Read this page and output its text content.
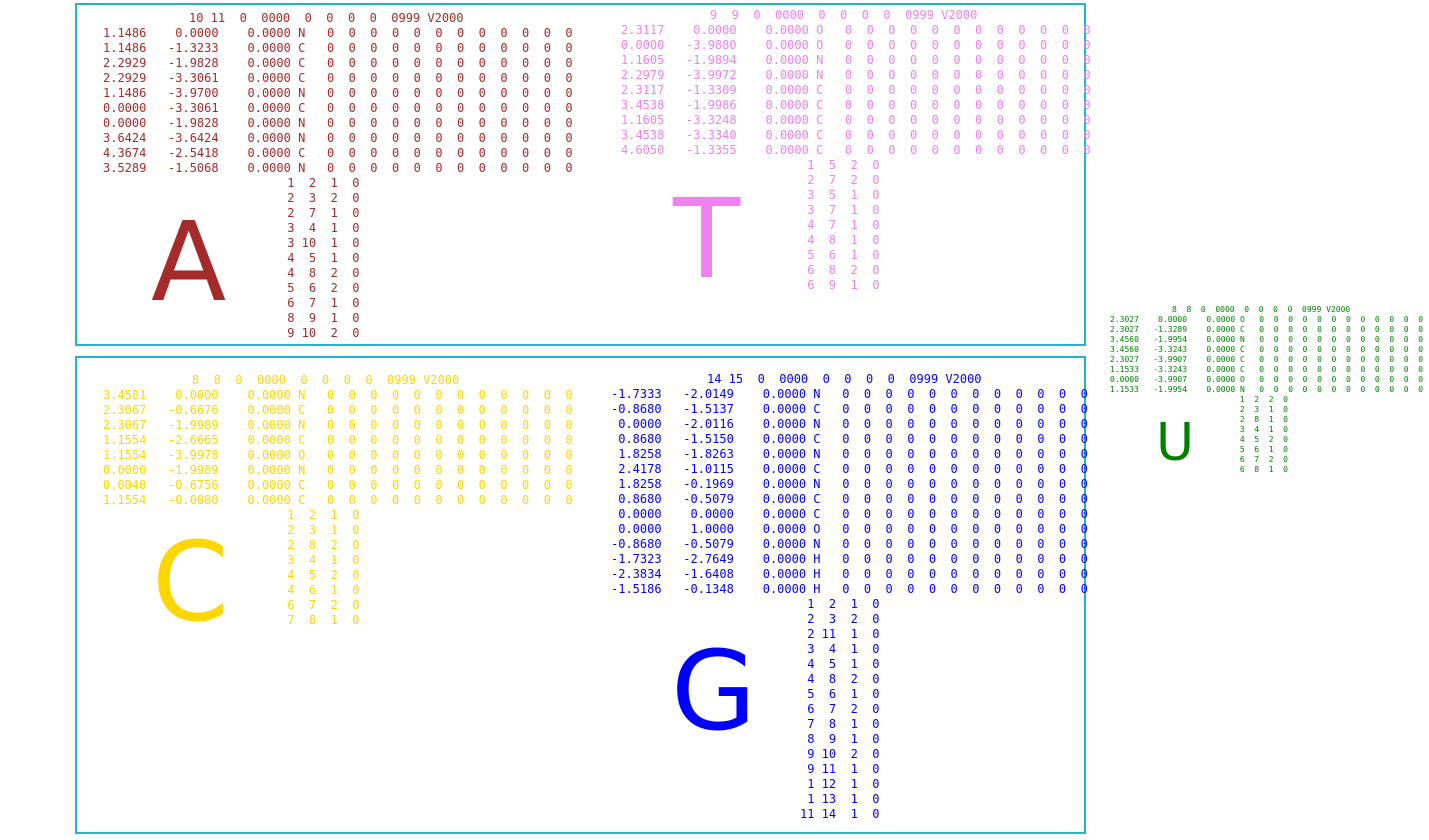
10 11  0  0000  0  0  0  0  0999 V2000
1.1486    0.0000    0.0000 N   0  0  0  0  0  0  0  0  0  0  0  0
1.1486   -1.3233    0.0000 C   0  0  0  0  0  0  0  0  0  0  0  0
2.2929   -1.9828    0.0000 C   0  0  0  0  0  0  0  0  0  0  0  0
2.2929   -3.3061    0.0000 C   0  0  0  0  0  0  0  0  0  0  0  0
1.1486   -3.9700    0.0000 N   0  0  0  0  0  0  0  0  0  0  0  0
0.0000   -3.3061    0.0000 C   0  0  0  0  0  0  0  0  0  0  0  0
0.0000   -1.9828    0.0000 N   0  0  0  0  0  0  0  0  0  0  0  0
3.6424   -3.6424    0.0000 N   0  0  0  0  0  0  0  0  0  0  0  0
4.3674   -2.5418    0.0000 C   0  0  0  0  0  0  0  0  0  0  0  0
3.5289   -1.5068    0.0000 N   0  0  0  0  0  0  0  0  0  0  0  0
1  2  1  0
2  3  2  0
2  7  1  0
3  4  1  0
3 10  1  0
4  5  1  0
4  8  2  0
5  6  2  0
6  7  1  0
8  9  1  0
9 10  2  0
A
9  9  0  0000  0  0  0  0  0999 V2000
2.3117    0.0000    0.0000 O   0  0  0  0  0  0  0  0  0  0  0  0
0.0000   -3.9880    0.0000 O   0  0  0  0  0  0  0  0  0  0  0  0
1.1605   -1.9894    0.0000 N   0  0  0  0  0  0  0  0  0  0  0  0
2.2979   -3.9972    0.0000 N   0  0  0  0  0  0  0  0  0  0  0  0
2.3117   -1.3309    0.0000 C   0  0  0  0  0  0  0  0  0  0  0  0
3.4538   -1.9986    0.0000 C   0  0  0  0  0  0  0  0  0  0  0  0
1.1605   -3.3248    0.0000 C   0  0  0  0  0  0  0  0  0  0  0  0
3.4538   -3.3340    0.0000 C   0  0  0  0  0  0  0  0  0  0  0  0
4.6050   -1.3355    0.0000 C   0  0  0  0  0  0  0  0  0  0  0  0
1  5  2  0
2  7  2  0
3  5  1  0
3  7  1  0
4  7  1  0
4  8  1  0
5  6  1  0
6  8  2  0
6  9  1  0
T
8  8  0  0000  0  0  0  0  0999 V2000
3.4581    0.0000    0.0000 N   0  0  0  0  0  0  0  0  0  0  0  0
2.3067   -0.6676    0.0000 C   0  0  0  0  0  0  0  0  0  0  0  0
2.3067   -1.9989    0.0000 N   0  0  0  0  0  0  0  0  0  0  0  0
1.1554   -2.6665    0.0000 C   0  0  0  0  0  0  0  0  0  0  0  0
1.1554   -3.9978    0.0000 O   0  0  0  0  0  0  0  0  0  0  0  0
0.0000   -1.9989    0.0000 N   0  0  0  0  0  0  0  0  0  0  0  0
0.0040   -0.6756    0.0000 C   0  0  0  0  0  0  0  0  0  0  0  0
1.1554   -0.0080    0.0000 C   0  0  0  0  0  0  0  0  0  0  0  0
1  2  1  0
2  3  1  0
2  8  2  0
3  4  1  0
4  5  2  0
4  6  1  0
6  7  2  0
7  8  1  0
C
14 15  0  0000  0  0  0  0  0999 V2000
-1.7333   -2.0149    0.0000 N   0  0  0  0  0  0  0  0  0  0  0  0
-0.8680   -1.5137    0.0000 C   0  0  0  0  0  0  0  0  0  0  0  0
0.0000   -2.0116    0.0000 N   0  0  0  0  0  0  0  0  0  0  0  0
0.8680   -1.5150    0.0000 C   0  0  0  0  0  0  0  0  0  0  0  0
1.8258   -1.8263    0.0000 N   0  0  0  0  0  0  0  0  0  0  0  0
2.4178   -1.0115    0.0000 C   0  0  0  0  0  0  0  0  0  0  0  0
1.8258   -0.1969    0.0000 N   0  0  0  0  0  0  0  0  0  0  0  0
0.8680   -0.5079    0.0000 C   0  0  0  0  0  0  0  0  0  0  0  0
0.0000    0.0000    0.0000 C   0  0  0  0  0  0  0  0  0  0  0  0
0.0000    1.0000    0.0000 O   0  0  0  0  0  0  0  0  0  0  0  0
-0.8680   -0.5079    0.0000 N   0  0  0  0  0  0  0  0  0  0  0  0
-1.7323   -2.7649    0.0000 H   0  0  0  0  0  0  0  0  0  0  0  0
-2.3834   -1.6408    0.0000 H   0  0  0  0  0  0  0  0  0  0  0  0
-1.5186   -0.1348    0.0000 H   0  0  0  0  0  0  0  0  0  0  0  0
1  2  1  0
2  3  2  0
2 11  1  0
3  4  1  0
4  5  1  0
4  8  2  0
5  6  1  0
6  7  2  0
7  8  1  0
8  9  1  0
9 10  2  0
9 11  1  0
1 12  1  0
1 13  1  0
11 14  1  0
G
8  8  0  0000  0  0  0  0  0999 V2000
2.3027    0.0000    0.0000 O   0  0  0  0  0  0  0  0  0  0  0  0
2.3027   -1.3289    0.0000 C   0  0  0  0  0  0  0  0  0  0  0  0
3.4560   -1.9954    0.0000 N   0  0  0  0  0  0  0  0  0  0  0  0
3.4560   -3.3243    0.0000 C   0  0  0  0  0  0  0  0  0  0  0  0
2.3027   -3.9907    0.0000 C   0  0  0  0  0  0  0  0  0  0  0  0
1.1533   -3.3243    0.0000 C   0  0  0  0  0  0  0  0  0  0  0  0
0.0000   -3.9907    0.0000 O   0  0  0  0  0  0  0  0  0  0  0  0
1.1533   -1.9954    0.0000 N   0  0  0  0  0  0  0  0  0  0  0  0
1  2  2  0
2  3  1  0
2  8  1  0
3  4  1  0
4  5  2  0
5  6  1  0
6  7  2  0
6  8  1  0
U
